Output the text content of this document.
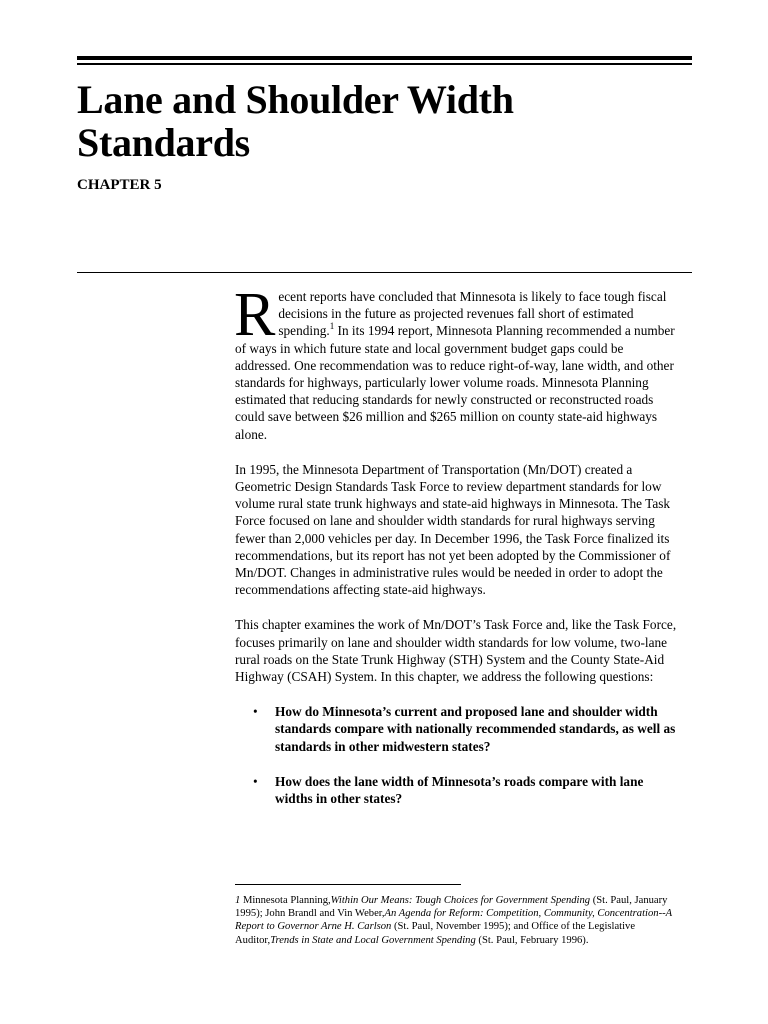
Lane and Shoulder Width Standards
CHAPTER 5

Recent reports have concluded that Minnesota is likely to face tough fiscal decisions in the future as projected revenues fall short of estimated spending.$^1$ In its 1994 report, Minnesota Planning recommended a number of ways in which future state and local government budget gaps could be addressed. One recommendation was to reduce right-of-way, lane width, and other standards for highways, particularly lower volume roads. Minnesota Planning estimated that reducing standards for newly constructed or reconstructed roads could save between $26 million and $265 million on county state-aid highways alone.

In 1995, the Minnesota Department of Transportation (Mn/DOT) created a Geometric Design Standards Task Force to review department standards for low volume rural state trunk highways and state-aid highways in Minnesota. The Task Force focused on lane and shoulder width standards for rural highways serving fewer than 2,000 vehicles per day. In December 1996, the Task Force finalized its recommendations, but its report has not yet been adopted by the Commissioner of Mn/DOT. Changes in administrative rules would be needed in order to adopt the recommendations affecting state-aid highways.

This chapter examines the work of Mn/DOT’s Task Force and, like the Task Force, focuses primarily on lane and shoulder width standards for low volume, two-lane rural roads on the State Trunk Highway (STH) System and the County State-Aid Highway (CSAH) System. In this chapter, we address the following questions:

• How do Minnesota’s current and proposed lane and shoulder width standards compare with nationally recommended standards, as well as standards in other midwestern states?
• How does the lane width of Minnesota’s roads compare with lane widths in other states?
1 Minnesota Planning,Within Our Means: Tough Choices for Government Spending (St. Paul, January 1995); John Brandl and Vin Weber,An Agenda for Reform: Competition, Community, Concentration--A Report to Governor Arne H. Carlson (St. Paul, November 1995); and Office of the Legislative Auditor,Trends in State and Local Government Spending (St. Paul, February 1996).
